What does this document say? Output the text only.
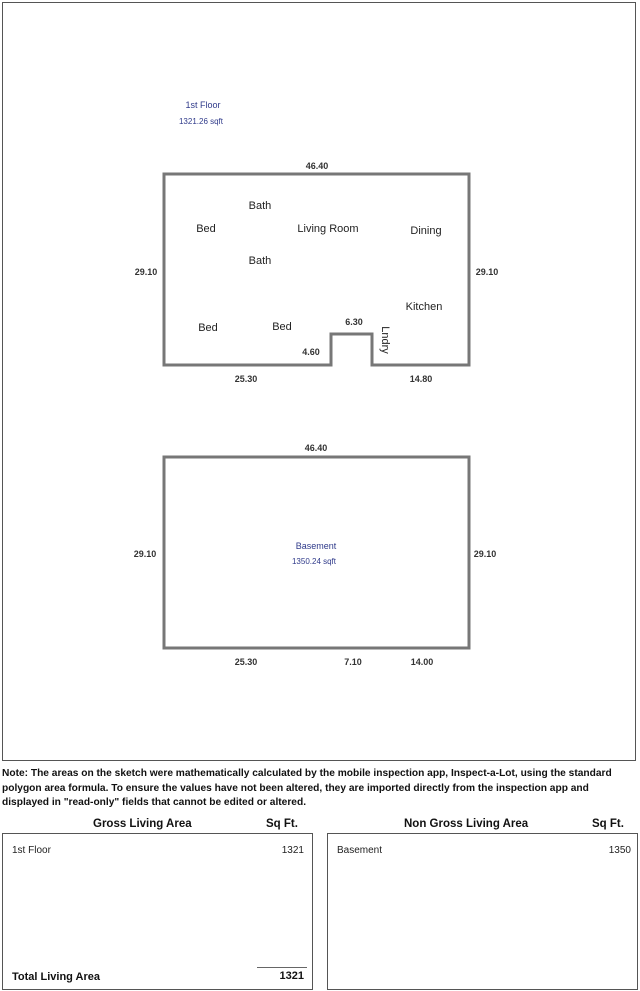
1st Floor
1321.26 sqft
46.40
29.10	29.10
25.30	14.80
6.30
4.60
Bath
Bed	Living Room	Dining
Bath
Kitchen
Bed	Bed	Lndry
46.40
29.10	29.10
25.30	7.10	14.00
Basement
1350.24 sqft
Note: The areas on the sketch were mathematically calculated by the mobile inspection app, Inspect-a-Lot, using the standard polygon area formula. To ensure the values have not been altered, they are imported directly from the inspection app and displayed in "read-only" fields that cannot be edited or altered.
Gross Living Area	Sq Ft.	Non Gross Living Area	Sq Ft.
1st Floor	1321
Total Living Area	1321
Basement	1350
